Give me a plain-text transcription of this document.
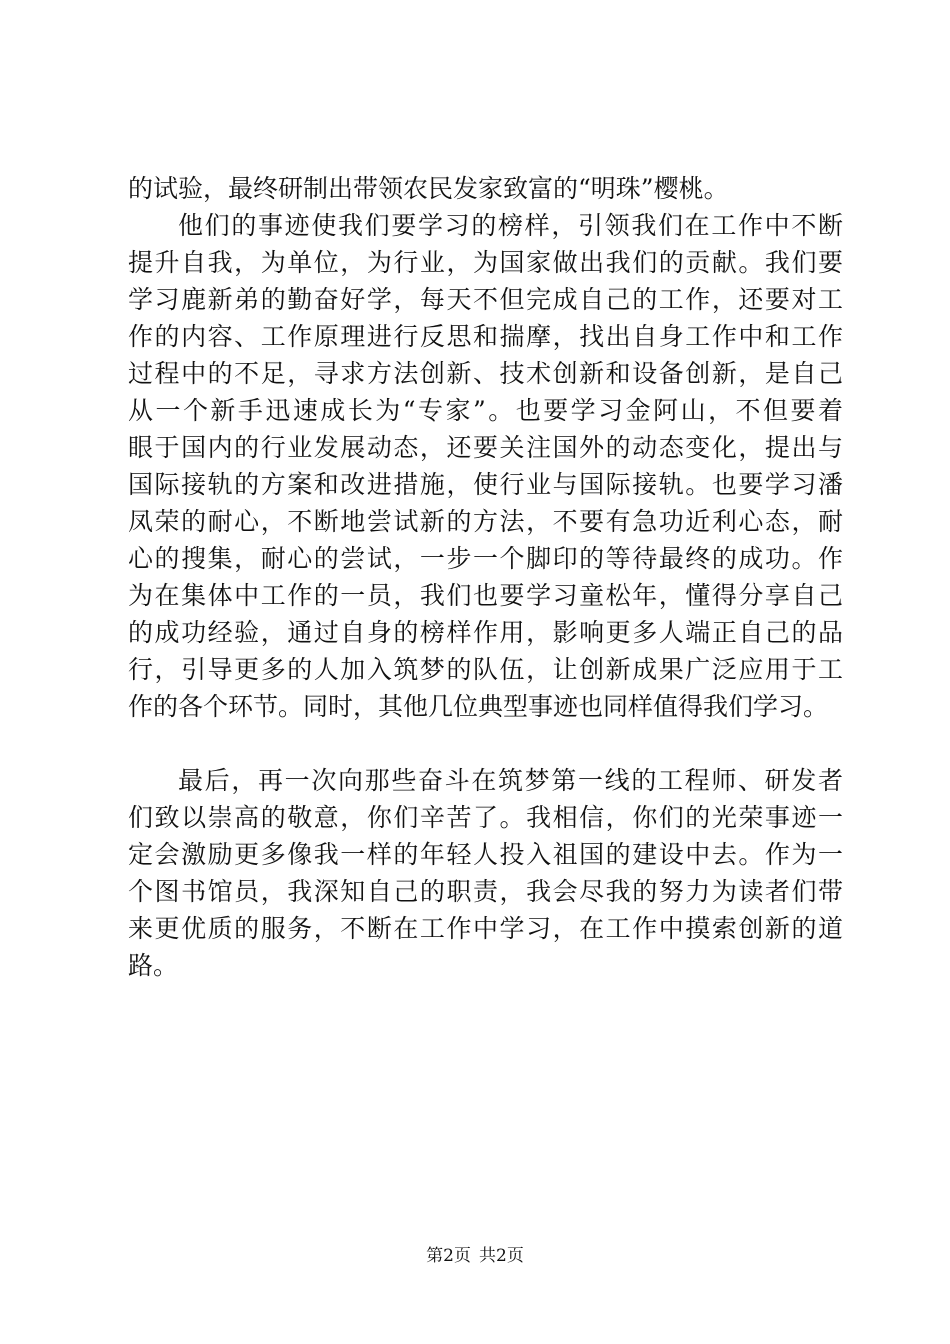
的试验，最终研制出带领农民发家致富的“明珠”樱桃。
他们的事迹使我们要学习的榜样，引领我们在工作中不断
提升自我，为单位，为行业，为国家做出我们的贡献。我们要
学习鹿新弟的勤奋好学，每天不但完成自己的工作，还要对工
作的内容、工作原理进行反思和揣摩，找出自身工作中和工作
过程中的不足，寻求方法创新、技术创新和设备创新，是自己
从一个新手迅速成长为“专家”。也要学习金阿山，不但要着
眼于国内的行业发展动态，还要关注国外的动态变化，提出与
国际接轨的方案和改进措施，使行业与国际接轨。也要学习潘
凤荣的耐心，不断地尝试新的方法，不要有急功近利心态，耐
心的搜集，耐心的尝试，一步一个脚印的等待最终的成功。作
为在集体中工作的一员，我们也要学习童松年，懂得分享自己
的成功经验，通过自身的榜样作用，影响更多人端正自己的品
行，引导更多的人加入筑梦的队伍，让创新成果广泛应用于工
作的各个环节。同时，其他几位典型事迹也同样值得我们学习。
最后，再一次向那些奋斗在筑梦第一线的工程师、研发者
们致以崇高的敬意，你们辛苦了。我相信，你们的光荣事迹一
定会激励更多像我一样的年轻人投入祖国的建设中去。作为一
个图书馆员，我深知自己的职责，我会尽我的努力为读者们带
来更优质的服务，不断在工作中学习，在工作中摸索创新的道
路。
第2页 共2页
